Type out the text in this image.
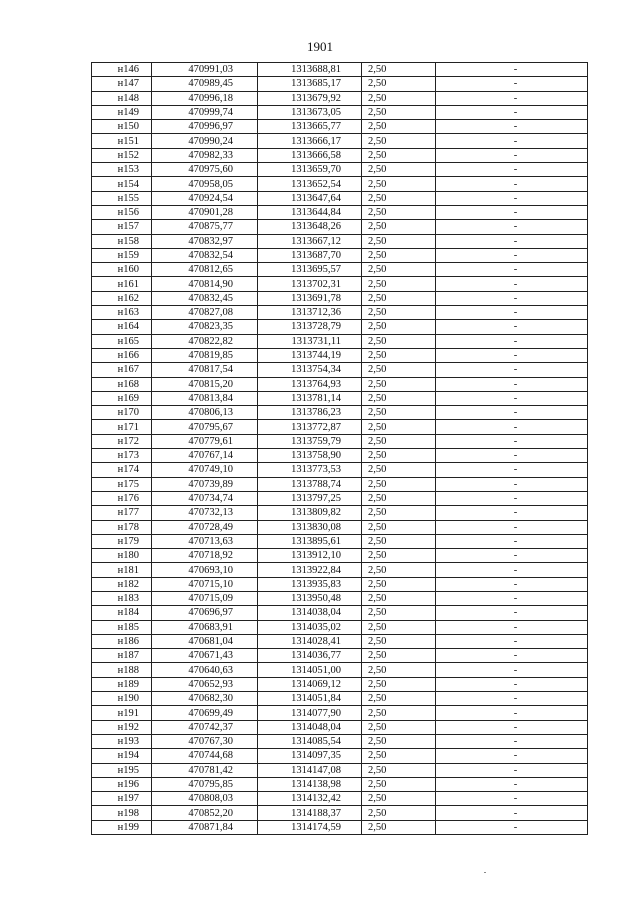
1901
н146	470991,03	1313688,81	2,50	-
н147	470989,45	1313685,17	2,50	-
н148	470996,18	1313679,92	2,50	-
н149	470999,74	1313673,05	2,50	-
н150	470996,97	1313665,77	2,50	-
н151	470990,24	1313666,17	2,50	-
н152	470982,33	1313666,58	2,50	-
н153	470975,60	1313659,70	2,50	-
н154	470958,05	1313652,54	2,50	-
н155	470924,54	1313647,64	2,50	-
н156	470901,28	1313644,84	2,50	-
н157	470875,77	1313648,26	2,50	-
н158	470832,97	1313667,12	2,50	-
н159	470832,54	1313687,70	2,50	-
н160	470812,65	1313695,57	2,50	-
н161	470814,90	1313702,31	2,50	-
н162	470832,45	1313691,78	2,50	-
н163	470827,08	1313712,36	2,50	-
н164	470823,35	1313728,79	2,50	-
н165	470822,82	1313731,11	2,50	-
н166	470819,85	1313744,19	2,50	-
н167	470817,54	1313754,34	2,50	-
н168	470815,20	1313764,93	2,50	-
н169	470813,84	1313781,14	2,50	-
н170	470806,13	1313786,23	2,50	-
н171	470795,67	1313772,87	2,50	-
н172	470779,61	1313759,79	2,50	-
н173	470767,14	1313758,90	2,50	-
н174	470749,10	1313773,53	2,50	-
н175	470739,89	1313788,74	2,50	-
н176	470734,74	1313797,25	2,50	-
н177	470732,13	1313809,82	2,50	-
н178	470728,49	1313830,08	2,50	-
н179	470713,63	1313895,61	2,50	-
н180	470718,92	1313912,10	2,50	-
н181	470693,10	1313922,84	2,50	-
н182	470715,10	1313935,83	2,50	-
н183	470715,09	1313950,48	2,50	-
н184	470696,97	1314038,04	2,50	-
н185	470683,91	1314035,02	2,50	-
н186	470681,04	1314028,41	2,50	-
н187	470671,43	1314036,77	2,50	-
н188	470640,63	1314051,00	2,50	-
н189	470652,93	1314069,12	2,50	-
н190	470682,30	1314051,84	2,50	-
н191	470699,49	1314077,90	2,50	-
н192	470742,37	1314048,04	2,50	-
н193	470767,30	1314085,54	2,50	-
н194	470744,68	1314097,35	2,50	-
н195	470781,42	1314147,08	2,50	-
н196	470795,85	1314138,98	2,50	-
н197	470808,03	1314132,42	2,50	-
н198	470852,20	1314188,37	2,50	-
н199	470871,84	1314174,59	2,50	-
